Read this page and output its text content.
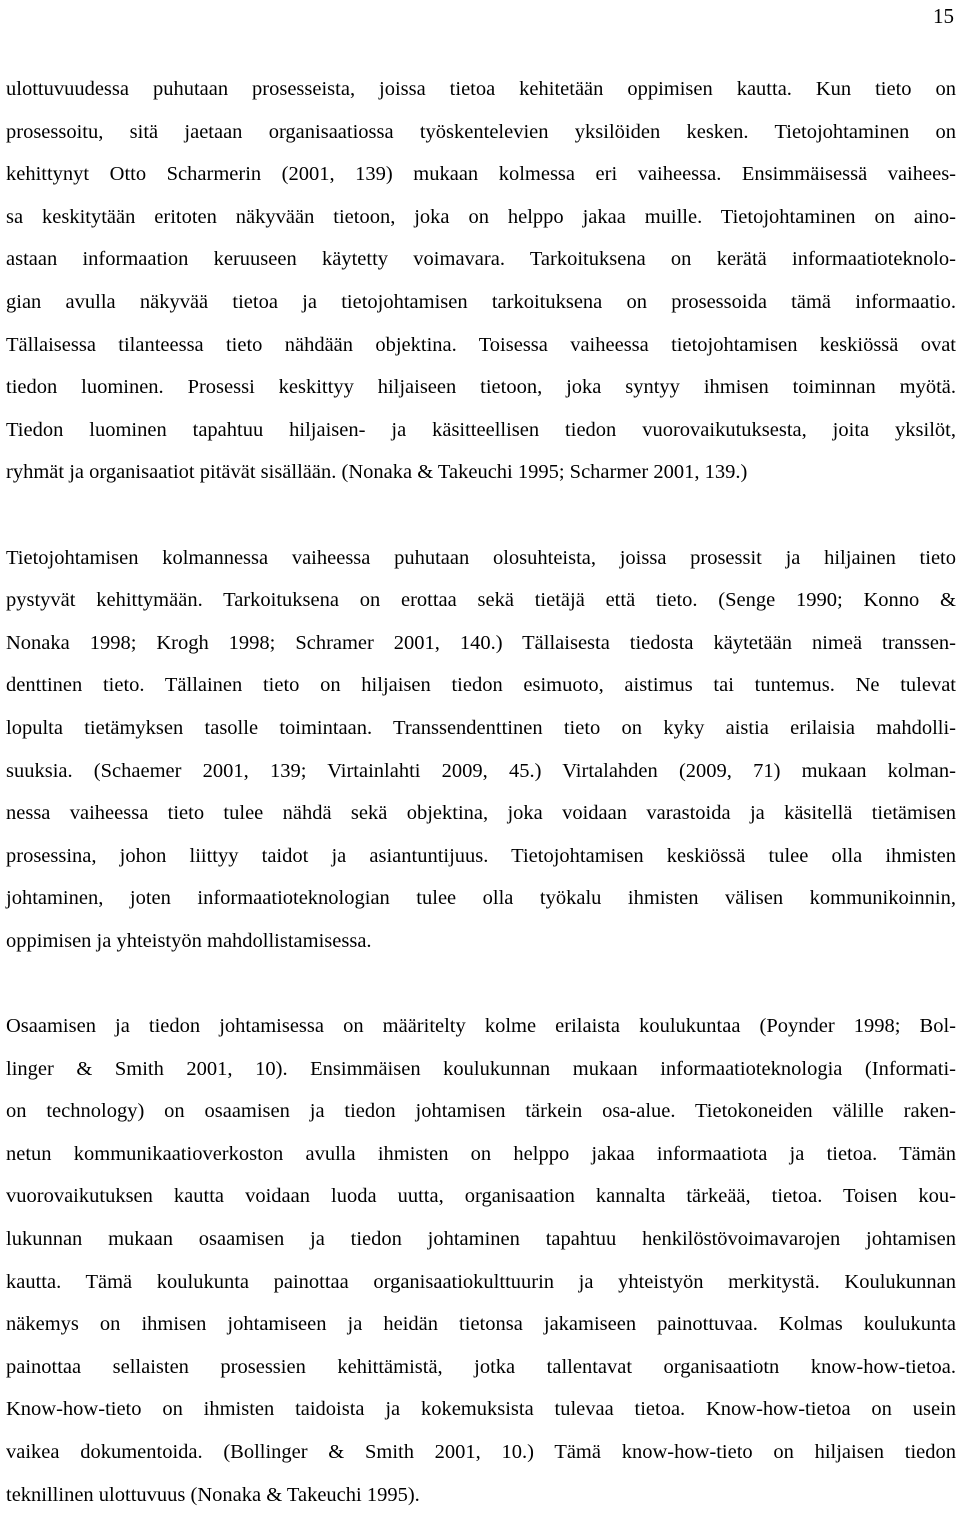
15
ulottuvuudessa puhutaan prosesseista, joissa tietoa kehitetään oppimisen kautta. Kun tieto on
prosessoitu, sitä jaetaan organisaatiossa työskentelevien yksilöiden kesken. Tietojohtaminen on
kehittynyt Otto Scharmerin (2001, 139) mukaan kolmessa eri vaiheessa. Ensimmäisessä vaihees-
sa keskitytään eritoten näkyvään tietoon, joka on helppo jakaa muille. Tietojohtaminen on aino-
astaan informaation keruuseen käytetty voimavara. Tarkoituksena on kerätä informaatioteknolo-
gian avulla näkyvää tietoa ja tietojohtamisen tarkoituksena on prosessoida tämä informaatio.
Tällaisessa tilanteessa tieto nähdään objektina. Toisessa vaiheessa tietojohtamisen keskiössä ovat
tiedon luominen. Prosessi keskittyy hiljaiseen tietoon, joka syntyy ihmisen toiminnan myötä.
Tiedon luominen tapahtuu hiljaisen- ja käsitteellisen tiedon vuorovaikutuksesta, joita yksilöt,
ryhmät ja organisaatiot pitävät sisällään. (Nonaka & Takeuchi 1995; Scharmer 2001, 139.)
Tietojohtamisen kolmannessa vaiheessa puhutaan olosuhteista, joissa prosessit ja hiljainen tieto
pystyvät kehittymään. Tarkoituksena on erottaa sekä tietäjä että tieto. (Senge 1990; Konno &
Nonaka 1998; Krogh 1998; Schramer 2001, 140.) Tällaisesta tiedosta käytetään nimeä transsen-
denttinen tieto. Tällainen tieto on hiljaisen tiedon esimuoto, aistimus tai tuntemus. Ne tulevat
lopulta tietämyksen tasolle toimintaan. Transsendenttinen tieto on kyky aistia erilaisia mahdolli-
suuksia. (Schaemer 2001, 139; Virtainlahti 2009, 45.) Virtalahden (2009, 71) mukaan kolman-
nessa vaiheessa tieto tulee nähdä sekä objektina, joka voidaan varastoida ja käsitellä tietämisen
prosessina, johon liittyy taidot ja asiantuntijuus. Tietojohtamisen keskiössä tulee olla ihmisten
johtaminen, joten informaatioteknologian tulee olla työkalu ihmisten välisen kommunikoinnin,
oppimisen ja yhteistyön mahdollistamisessa.
Osaamisen ja tiedon johtamisessa on määritelty kolme erilaista koulukuntaa (Poynder 1998; Bol-
linger & Smith 2001, 10). Ensimmäisen koulukunnan mukaan informaatioteknologia (Informati-
on technology) on osaamisen ja tiedon johtamisen tärkein osa-alue. Tietokoneiden välille raken-
netun kommunikaatioverkoston avulla ihmisten on helppo jakaa informaatiota ja tietoa. Tämän
vuorovaikutuksen kautta voidaan luoda uutta, organisaation kannalta tärkeää, tietoa. Toisen kou-
lukunnan mukaan osaamisen ja tiedon johtaminen tapahtuu henkilöstövoimavarojen johtamisen
kautta. Tämä koulukunta painottaa organisaatiokulttuurin ja yhteistyön merkitystä. Koulukunnan
näkemys on ihmisen johtamiseen ja heidän tietonsa jakamiseen painottuvaa. Kolmas koulukunta
painottaa sellaisten prosessien kehittämistä, jotka tallentavat organisaatiotn know-how-tietoa.
Know-how-tieto on ihmisten taidoista ja kokemuksista tulevaa tietoa. Know-how-tietoa on usein
vaikea dokumentoida. (Bollinger & Smith 2001, 10.) Tämä know-how-tieto on hiljaisen tiedon
teknillinen ulottuvuus (Nonaka & Takeuchi 1995).
